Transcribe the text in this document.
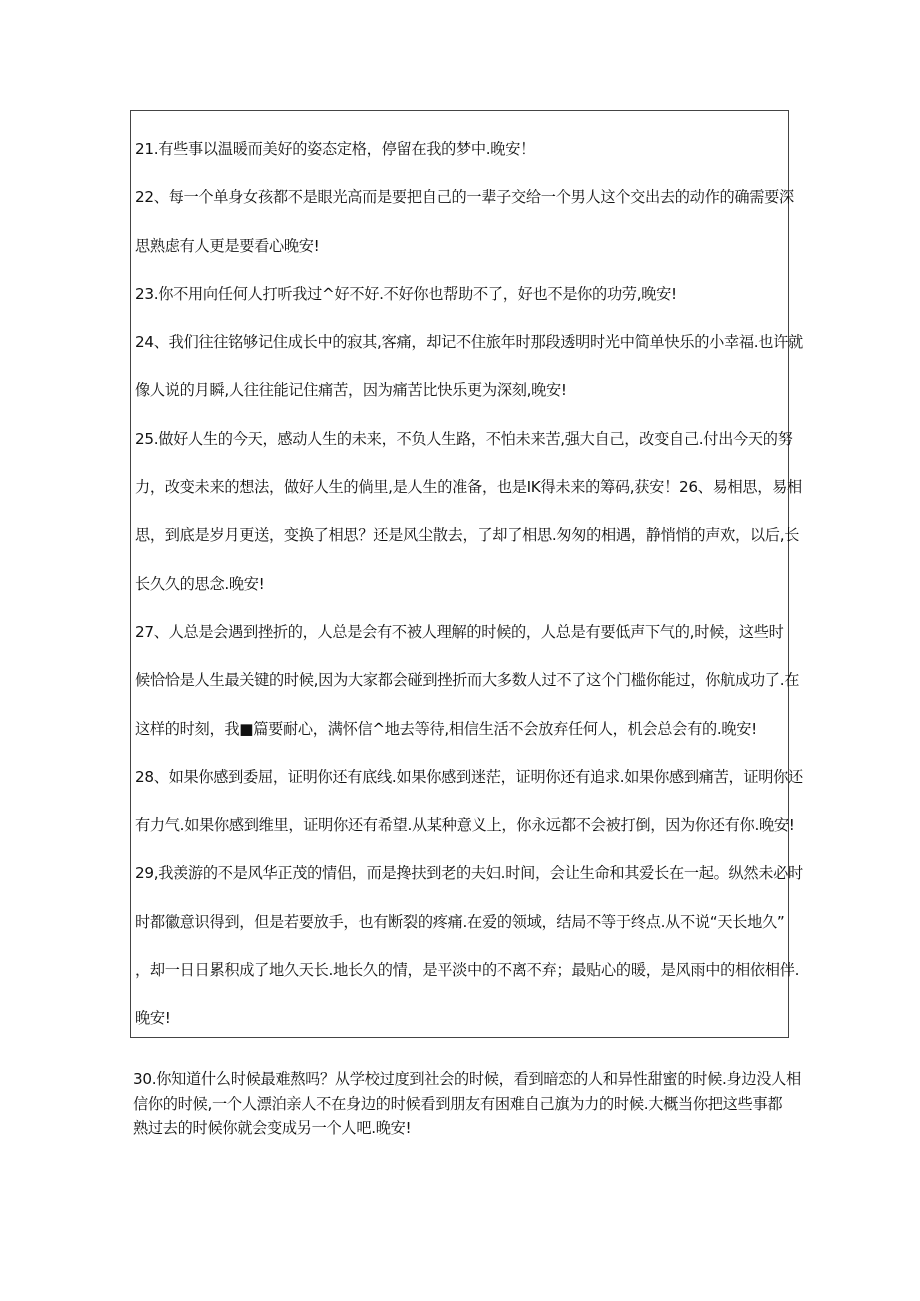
21.有些事以温暖而美好的姿态定格，停留在我的梦中.晚安！
22、每一个单身女孩都不是眼光高而是要把自己的一辈子交给一个男人这个交出去的动作的确需要深
思熟虑有人更是要看心晚安!
23.你不用向任何人打听我过^好不好.不好你也帮助不了，好也不是你的功劳,晚安!
24、我们往往铭够记住成长中的寂其,客痛，却记不住旅年时那段透明时光中简单快乐的小幸福.也许就
像人说的月瞬,人往往能记住痛苦，因为痛苦比快乐更为深刻,晚安!
25.做好人生的今天，感动人生的未来，不负人生路，不怕未来苦,强大自己，改变自己.付出今天的努
力，改变未来的想法，做好人生的倘里,是人生的准备，也是IK得未来的筹码,获安！26、易相思，易相
思，到底是岁月更送，变换了相思？还是风尘散去，了却了相思.匆匆的相遇，静悄悄的声欢，以后,长
长久久的思念.晚安!
27、人总是会遇到挫折的，人总是会有不被人理解的时候的，人总是有要低声下气的,时候，这些时
候恰恰是人生最关键的时候,因为大家都会碰到挫折而大多数人过不了这个门槛你能过，你航成功了.在
这样的时刻，我■篇要耐心，满怀信^地去等待,相信生活不会放弃任何人，机会总会有的.晚安!
28、如果你感到委屈，证明你还有底线.如果你感到迷茫，证明你还有追求.如果你感到痛苦，证明你还
有力气.如果你感到维里，证明你还有希望.从某种意义上，你永远都不会被打倒，因为你还有你.晚安!
29,我羡游的不是风华正茂的情侣，而是搀扶到老的夫妇.时间，会让生命和其爱长在一起。纵然未必时
时都徽意识得到，但是若要放手，也有断裂的疼痛.在爱的领域，结局不等于终点.从不说“天长地久”
，却一日日累积成了地久天长.地长久的情，是平淡中的不离不弃；最贴心的暖，是风雨中的相依相伴.
晚安!
30.你知道什么时候最难熬吗？从学校过度到社会的时候，看到暗恋的人和异性甜蜜的时候.身边没人相
信你的时候,一个人漂泊亲人不在身边的时候看到朋友有困难自己旗为力的时候.大概当你把这些事都
熟过去的时候你就会变成另一个人吧.晚安!
